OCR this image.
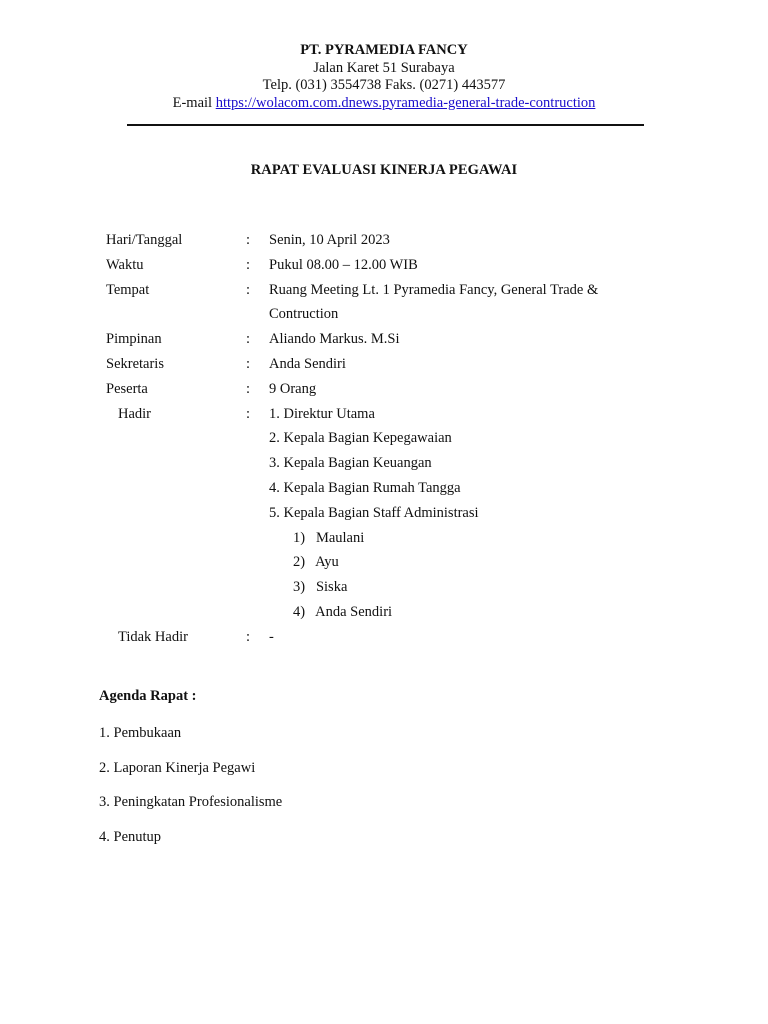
PT. PYRAMEDIA FANCY
Jalan Karet 51 Surabaya
Telp. (031) 3554738 Faks. (0271) 443577
E-mail https://wolacom.com.dnews.pyramedia-general-trade-contruction
RAPAT EVALUASI KINERJA PEGAWAI
Hari/Tanggal	: Senin, 10 April 2023
Waktu	: Pukul 08.00 – 12.00 WIB
Tempat	: Ruang Meeting Lt. 1 Pyramedia Fancy, General Trade &
Contruction
Pimpinan	: Aliando Markus. M.Si
Sekretaris	: Anda Sendiri
Peserta	: 9 Orang
Hadir	: 1. Direktur Utama
2. Kepala Bagian Kepegawaian
3. Kepala Bagian Keuangan
4. Kepala Bagian Rumah Tangga
5. Kepala Bagian Staff Administrasi
1)   Maulani
2)   Ayu
3)   Siska
4)   Anda Sendiri
Tidak Hadir	: -
Agenda Rapat :
1. Pembukaan
2. Laporan Kinerja Pegawi
3. Peningkatan Profesionalisme
4. Penutup
